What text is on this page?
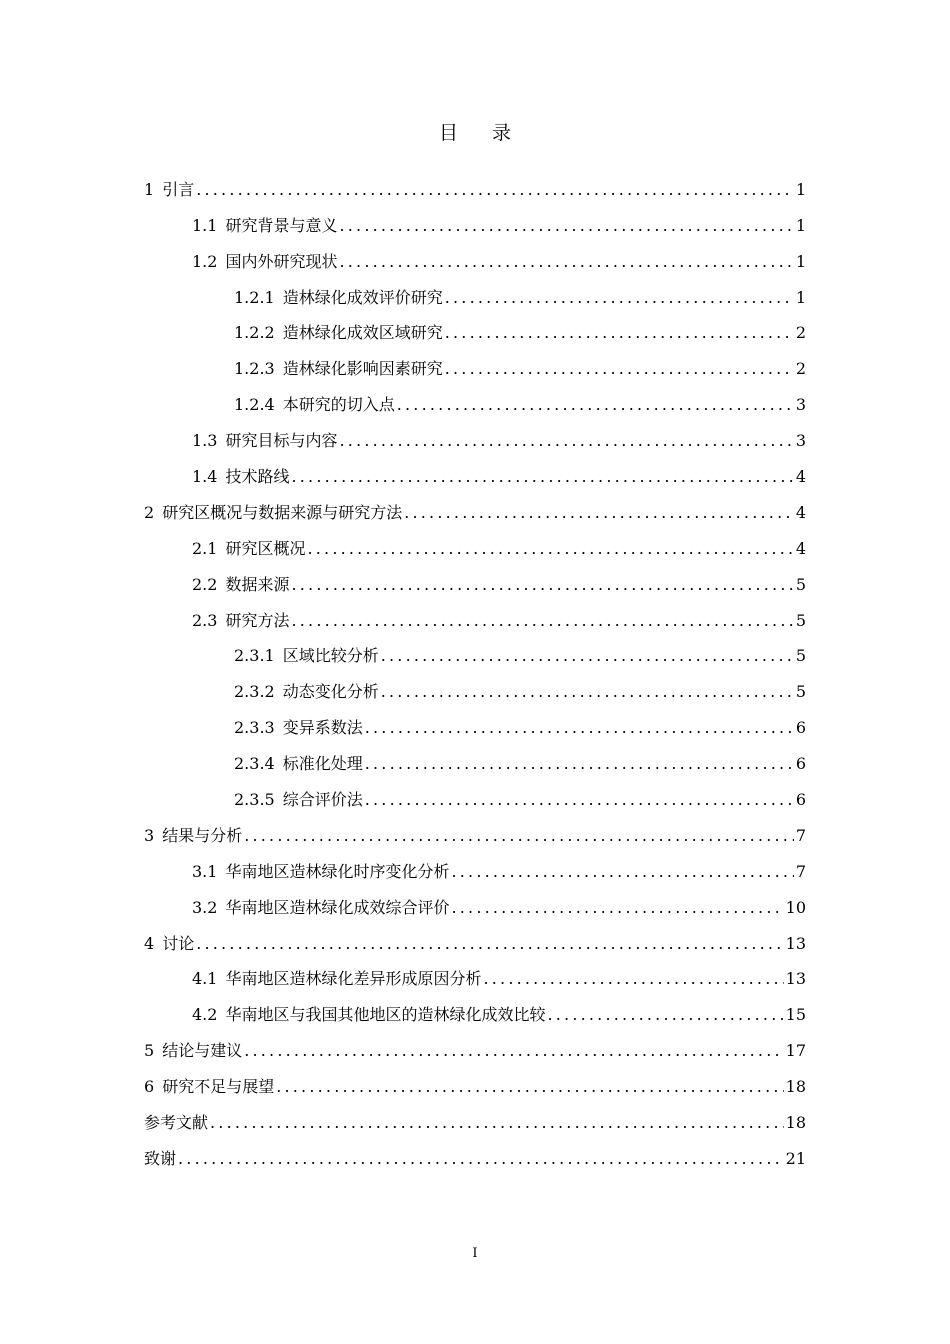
目 录
1 引言 .....	1
1.1 研究背景与意义 .....	1
1.2 国内外研究现状 .....	1
1.2.1 造林绿化成效评价研究 .....	1
1.2.2 造林绿化成效区域研究 .....	2
1.2.3 造林绿化影响因素研究 .....	2
1.2.4 本研究的切入点 .....	3
1.3 研究目标与内容 .....	3
1.4 技术路线 .....	4
2 研究区概况与数据来源与研究方法 .....	4
2.1 研究区概况 .....	4
2.2 数据来源 .....	5
2.3 研究方法 .....	5
2.3.1 区域比较分析 .....	5
2.3.2 动态变化分析 .....	5
2.3.3 变异系数法 .....	6
2.3.4 标准化处理 .....	6
2.3.5 综合评价法 .....	6
3 结果与分析 .....	7
3.1 华南地区造林绿化时序变化分析 .....	7
3.2 华南地区造林绿化成效综合评价 .....	10
4 讨论 .....	13
4.1 华南地区造林绿化差异形成原因分析 .....	13
4.2 华南地区与我国其他地区的造林绿化成效比较 .....	15
5 结论与建议 .....	17
6 研究不足与展望 .....	18
参考文献 .....	18
致谢 .....	21
I
